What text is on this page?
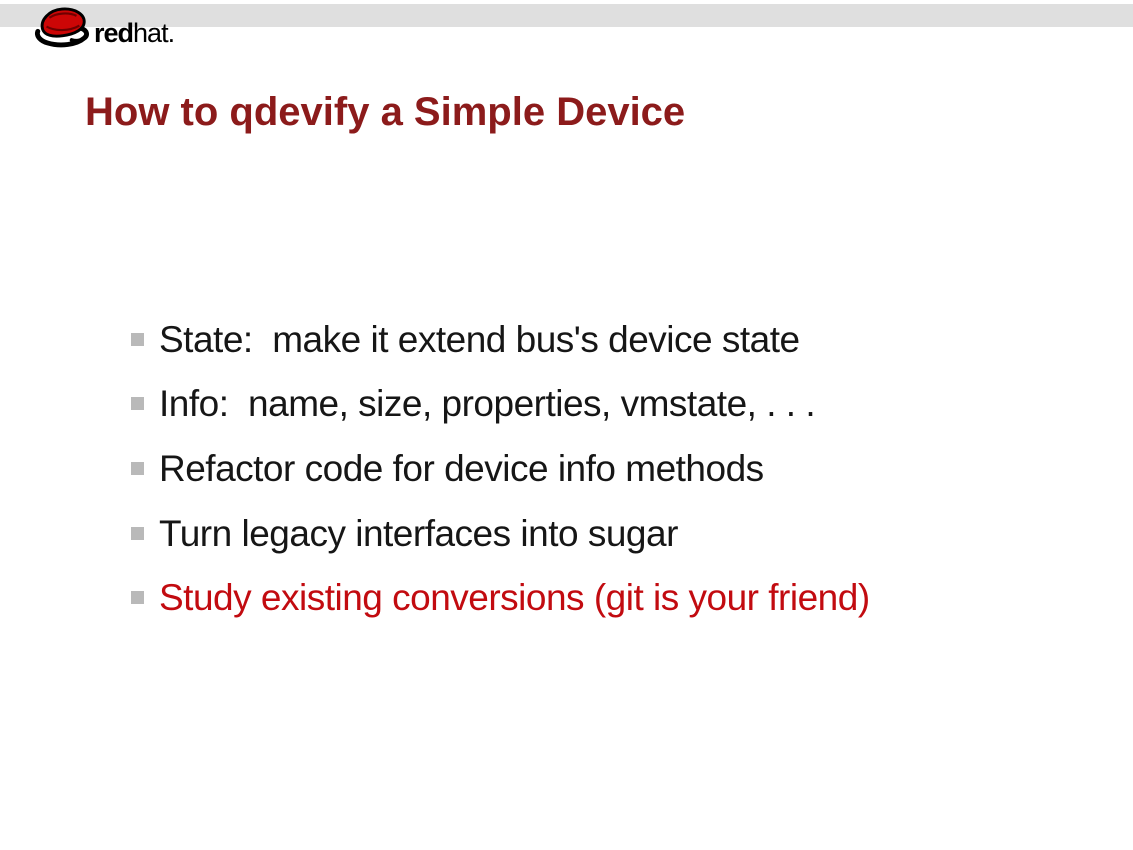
redhat.
How to qdevify a Simple Device
State:  make it extend bus's device state
Info:  name, size, properties, vmstate, . . .
Refactor code for device info methods
Turn legacy interfaces into sugar
Study existing conversions (git is your friend)
